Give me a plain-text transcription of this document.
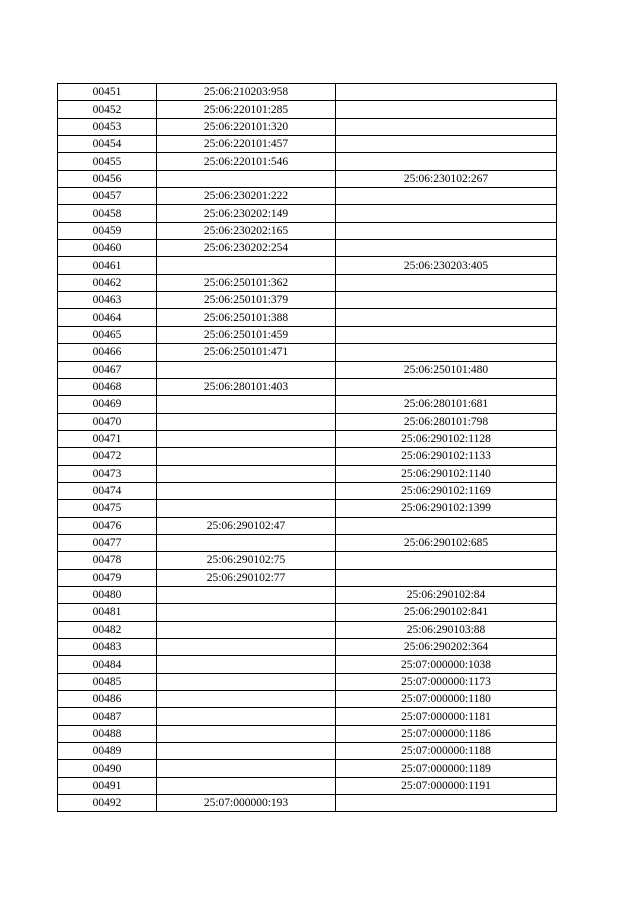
00451	25:06:210203:958	
00452	25:06:220101:285	
00453	25:06:220101:320	
00454	25:06:220101:457	
00455	25:06:220101:546	
00456		25:06:230102:267
00457	25:06:230201:222	
00458	25:06:230202:149	
00459	25:06:230202:165	
00460	25:06:230202:254	
00461		25:06:230203:405
00462	25:06:250101:362	
00463	25:06:250101:379	
00464	25:06:250101:388	
00465	25:06:250101:459	
00466	25:06:250101:471	
00467		25:06:250101:480
00468	25:06:280101:403	
00469		25:06:280101:681
00470		25:06:280101:798
00471		25:06:290102:1128
00472		25:06:290102:1133
00473		25:06:290102:1140
00474		25:06:290102:1169
00475		25:06:290102:1399
00476	25:06:290102:47	
00477		25:06:290102:685
00478	25:06:290102:75	
00479	25:06:290102:77	
00480		25:06:290102:84
00481		25:06:290102:841
00482		25:06:290103:88
00483		25:06:290202:364
00484		25:07:000000:1038
00485		25:07:000000:1173
00486		25:07:000000:1180
00487		25:07:000000:1181
00488		25:07:000000:1186
00489		25:07:000000:1188
00490		25:07:000000:1189
00491		25:07:000000:1191
00492	25:07:000000:193	
